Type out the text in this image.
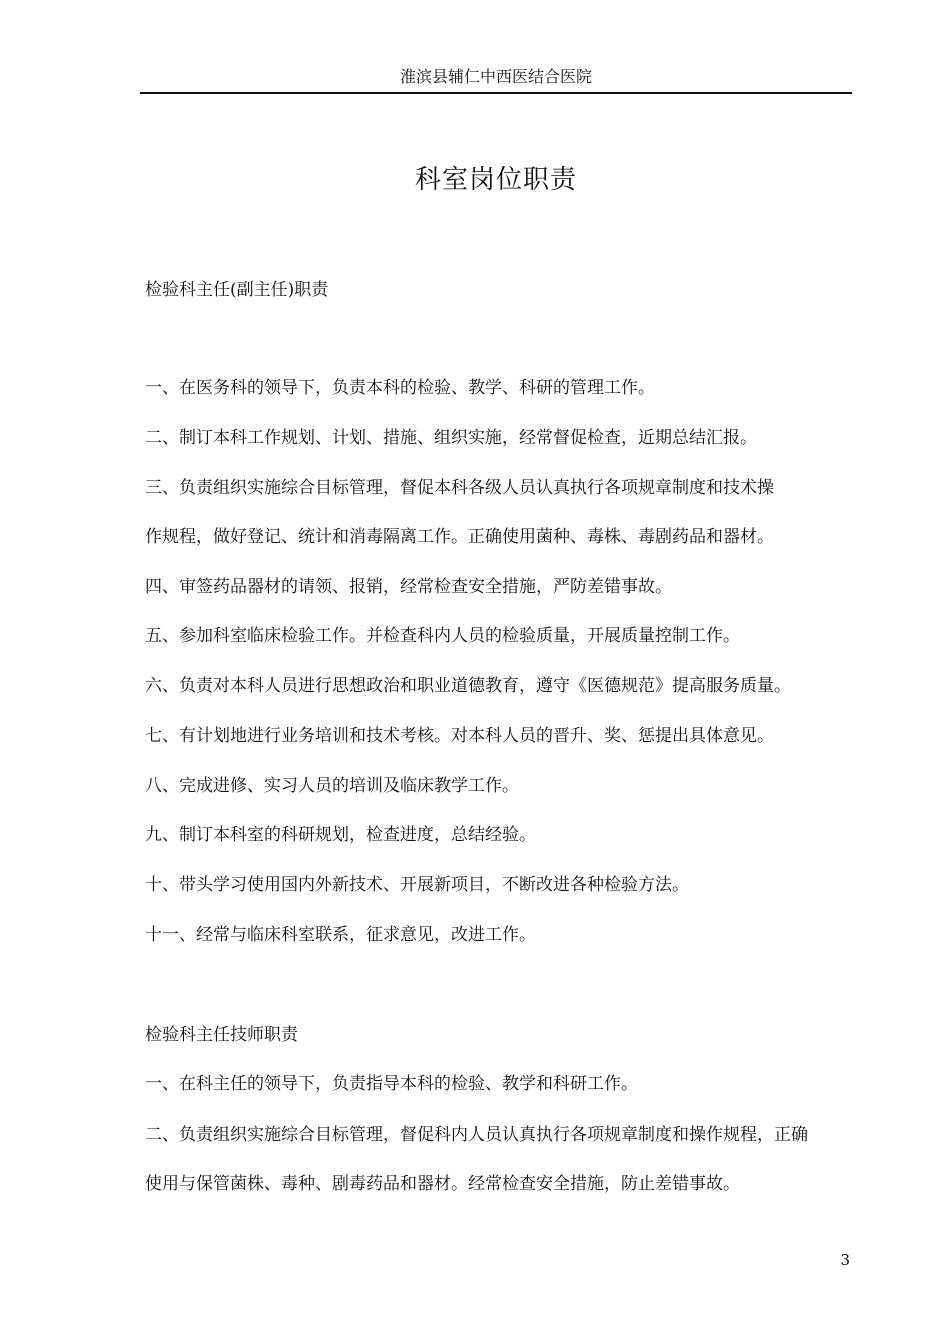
淮滨县辅仁中西医结合医院
科室岗位职责
检验科主任(副主任)职责
一、在医务科的领导下，负责本科的检验、教学、科研的管理工作。
二、制订本科工作规划、计划、措施、组织实施，经常督促检查，近期总结汇报。
三、负责组织实施综合目标管理，督促本科各级人员认真执行各项规章制度和技术操
作规程，做好登记、统计和消毒隔离工作。正确使用菌种、毒株、毒剧药品和器材。
四、审签药品器材的请领、报销，经常检查安全措施，严防差错事故。
五、参加科室临床检验工作。并检查科内人员的检验质量，开展质量控制工作。
六、负责对本科人员进行思想政治和职业道德教育，遵守《医德规范》提高服务质量。
七、有计划地进行业务培训和技术考核。对本科人员的晋升、奖、惩提出具体意见。
八、完成进修、实习人员的培训及临床教学工作。
九、制订本科室的科研规划，检查进度，总结经验。
十、带头学习使用国内外新技术、开展新项目，不断改进各种检验方法。
十一、经常与临床科室联系，征求意见，改进工作。
检验科主任技师职责
一、在科主任的领导下，负责指导本科的检验、教学和科研工作。
二、负责组织实施综合目标管理，督促科内人员认真执行各项规章制度和操作规程，正确
使用与保管菌株、毒种、剧毒药品和器材。经常检查安全措施，防止差错事故。
3
